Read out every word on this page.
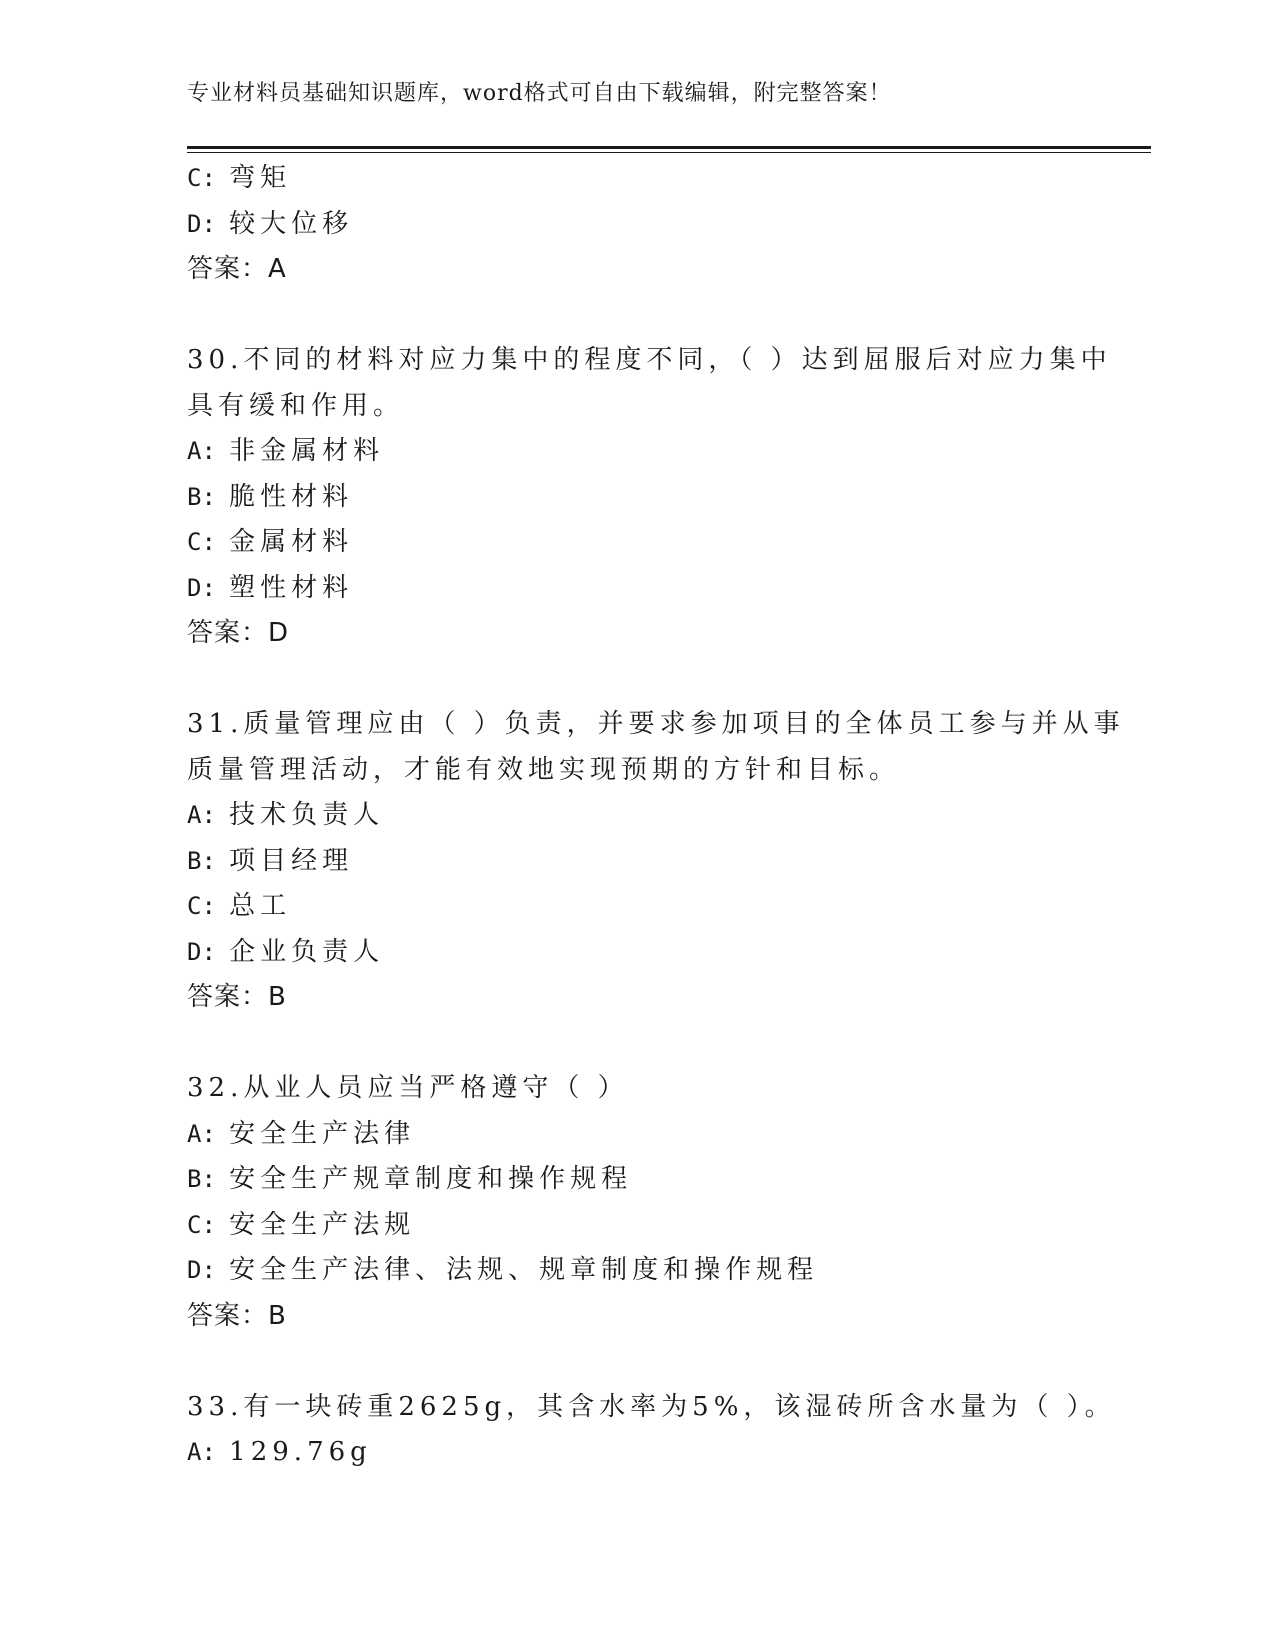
专业材料员基础知识题库，word格式可自由下载编辑，附完整答案！
C: 弯矩
D: 较大位移
答案：A
30.不同的材料对应力集中的程度不同，（ ）达到屈服后对应力集中
具有缓和作用。
A: 非金属材料
B: 脆性材料
C: 金属材料
D: 塑性材料
答案：D
31.质量管理应由（ ）负责，并要求参加项目的全体员工参与并从事
质量管理活动，才能有效地实现预期的方针和目标。
A: 技术负责人
B: 项目经理
C: 总工
D: 企业负责人
答案：B
32.从业人员应当严格遵守（ ）
A: 安全生产法律
B: 安全生产规章制度和操作规程
C: 安全生产法规
D: 安全生产法律、法规、规章制度和操作规程
答案：B
33.有一块砖重2625g，其含水率为5%，该湿砖所含水量为（ ）。
A: 129.76g
